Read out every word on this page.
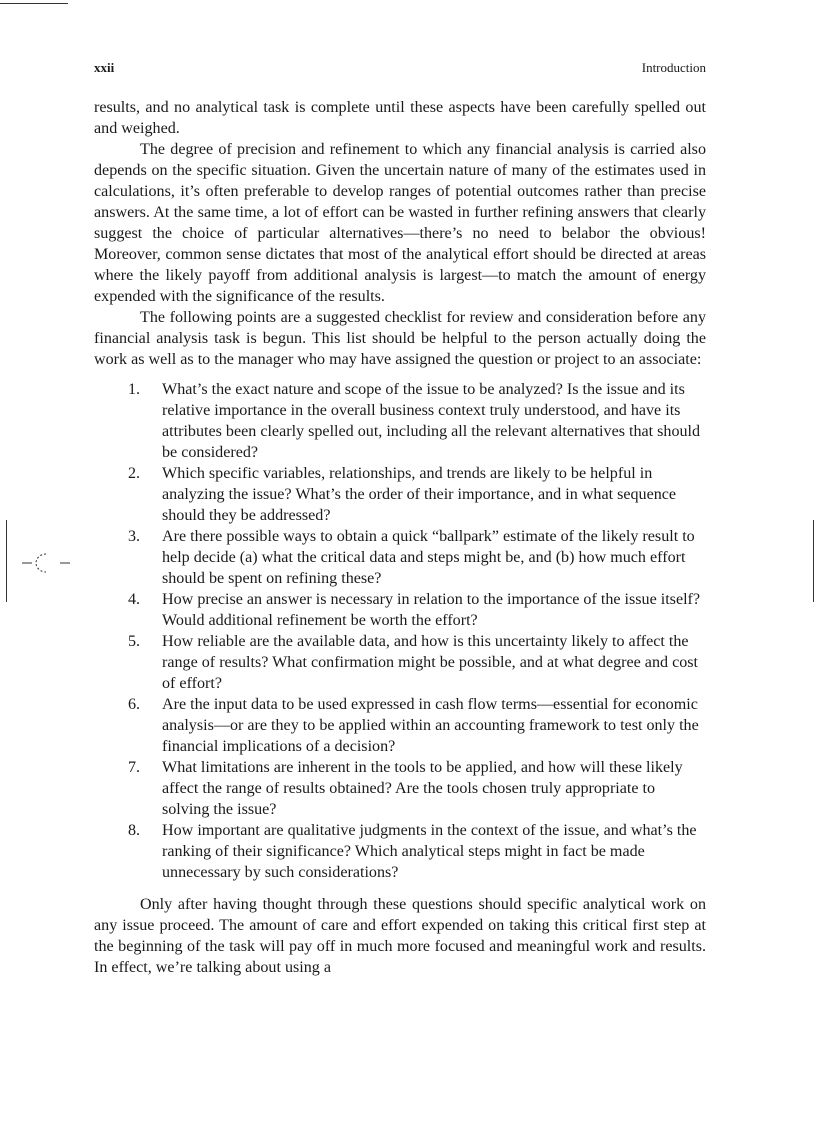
xxii	Introduction

results, and no analytical task is complete until these aspects have been carefully spelled out and weighed.

The degree of precision and refinement to which any financial analysis is carried also depends on the specific situation. Given the uncertain nature of many of the estimates used in calculations, it’s often preferable to develop ranges of potential outcomes rather than precise answers. At the same time, a lot of effort can be wasted in further refining answers that clearly suggest the choice of particular alternatives—there’s no need to belabor the obvious! Moreover, common sense dictates that most of the analytical effort should be directed at areas where the likely payoff from additional analysis is largest—to match the amount of energy expended with the significance of the results.

The following points are a suggested checklist for review and consideration before any financial analysis task is begun. This list should be helpful to the person actually doing the work as well as to the manager who may have assigned the question or project to an associate:

1. What’s the exact nature and scope of the issue to be analyzed? Is the issue and its relative importance in the overall business context truly understood, and have its attributes been clearly spelled out, including all the relevant alternatives that should be considered?
2. Which specific variables, relationships, and trends are likely to be helpful in analyzing the issue? What’s the order of their importance, and in what sequence should they be addressed?
3. Are there possible ways to obtain a quick “ballpark” estimate of the likely result to help decide (a) what the critical data and steps might be, and (b) how much effort should be spent on refining these?
4. How precise an answer is necessary in relation to the importance of the issue itself? Would additional refinement be worth the effort?
5. How reliable are the available data, and how is this uncertainty likely to affect the range of results? What confirmation might be possible, and at what degree and cost of effort?
6. Are the input data to be used expressed in cash flow terms—essential for economic analysis—or are they to be applied within an accounting framework to test only the financial implications of a decision?
7. What limitations are inherent in the tools to be applied, and how will these likely affect the range of results obtained? Are the tools chosen truly appropriate to solving the issue?
8. How important are qualitative judgments in the context of the issue, and what’s the ranking of their significance? Which analytical steps might in fact be made unnecessary by such considerations?

Only after having thought through these questions should specific analytical work on any issue proceed. The amount of care and effort expended on taking this critical first step at the beginning of the task will pay off in much more focused and meaningful work and results. In effect, we’re talking about using a
